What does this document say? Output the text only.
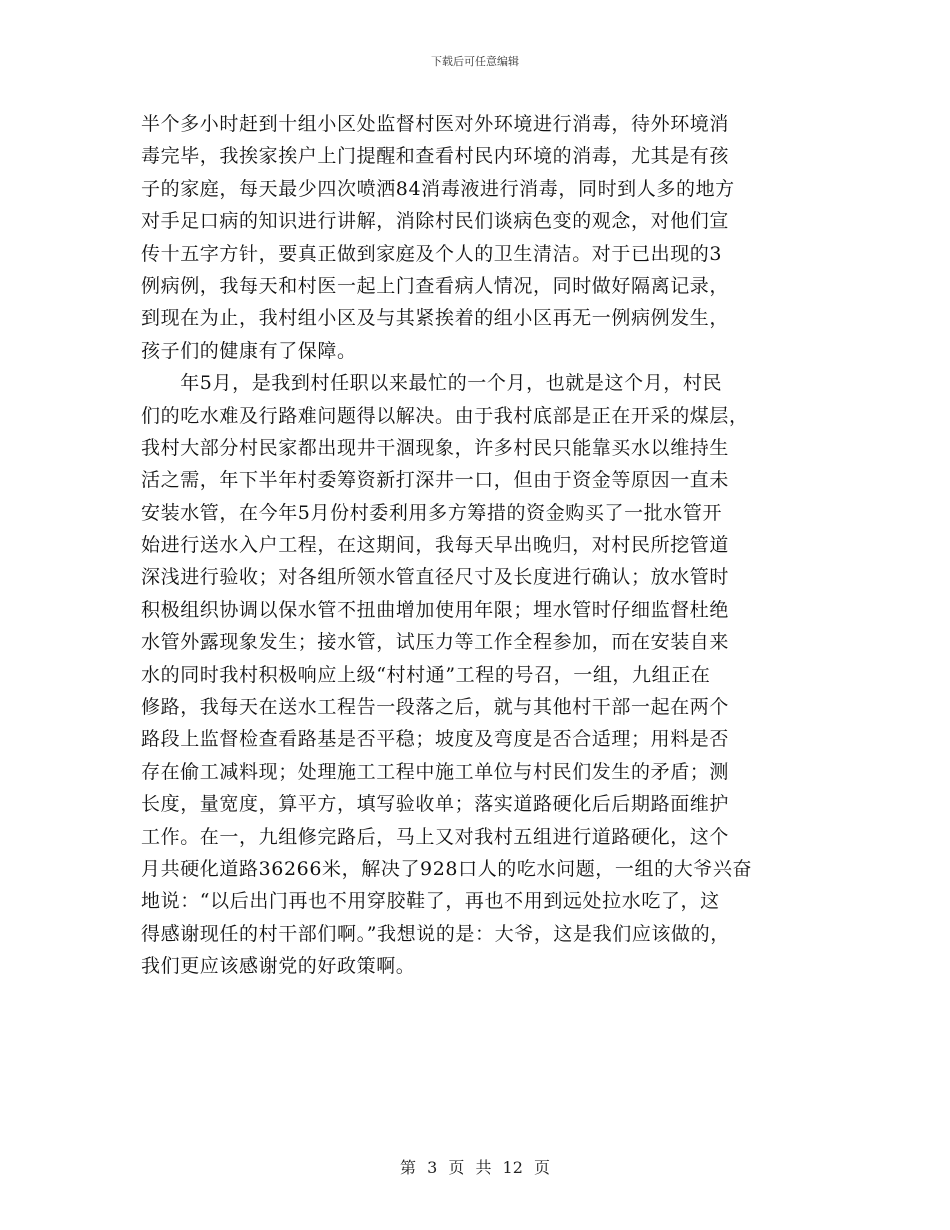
下载后可任意编辑
半个多小时赶到十组小区处监督村医对外环境进行消毒，待外环境消
毒完毕，我挨家挨户上门提醒和查看村民内环境的消毒，尤其是有孩
子的家庭，每天最少四次喷洒84消毒液进行消毒，同时到人多的地方
对手足口病的知识进行讲解，消除村民们谈病色变的观念，对他们宣
传十五字方针，要真正做到家庭及个人的卫生清洁。对于已出现的3
例病例，我每天和村医一起上门查看病人情况，同时做好隔离记录，
到现在为止，我村组小区及与其紧挨着的组小区再无一例病例发生，
孩子们的健康有了保障。
　　年5月，是我到村任职以来最忙的一个月，也就是这个月，村民
们的吃水难及行路难问题得以解决。由于我村底部是正在开采的煤层，
我村大部分村民家都出现井干涸现象，许多村民只能靠买水以维持生
活之需，年下半年村委筹资新打深井一口，但由于资金等原因一直未
安装水管，在今年5月份村委利用多方筹措的资金购买了一批水管开
始进行送水入户工程，在这期间，我每天早出晚归，对村民所挖管道
深浅进行验收；对各组所领水管直径尺寸及长度进行确认；放水管时
积极组织协调以保水管不扭曲增加使用年限；埋水管时仔细监督杜绝
水管外露现象发生；接水管，试压力等工作全程参加，而在安装自来
水的同时我村积极响应上级“村村通”工程的号召，一组，九组正在
修路，我每天在送水工程告一段落之后，就与其他村干部一起在两个
路段上监督检查看路基是否平稳；坡度及弯度是否合适理；用料是否
存在偷工减料现；处理施工工程中施工单位与村民们发生的矛盾；测
长度，量宽度，算平方，填写验收单；落实道路硬化后后期路面维护
工作。在一，九组修完路后，马上又对我村五组进行道路硬化，这个
月共硬化道路36266米，解决了928口人的吃水问题，一组的大爷兴奋
地说：“以后出门再也不用穿胶鞋了，再也不用到远处拉水吃了，这
得感谢现任的村干部们啊。”我想说的是：大爷，这是我们应该做的，
我们更应该感谢党的好政策啊。
第 3 页 共 12 页
